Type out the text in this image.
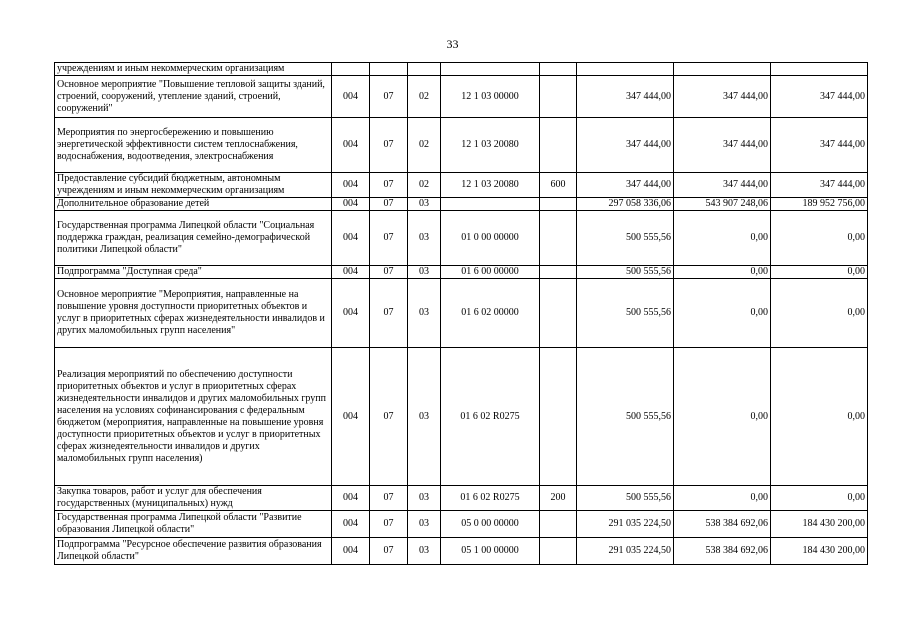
33
учреждениям и иным некоммерческим организациям								
Основное мероприятие "Повышение тепловой защиты зданий, строений, сооружений, утепление зданий, строений, сооружений"	004	07	02	12 1 03 00000		347 444,00	347 444,00	347 444,00
Мероприятия по энергосбережению и повышению энергетической эффективности систем теплоснабжения, водоснабжения, водоотведения, электроснабжения	004	07	02	12 1 03 20080		347 444,00	347 444,00	347 444,00
Предоставление субсидий бюджетным, автономным учреждениям и иным некоммерческим организациям	004	07	02	12 1 03 20080	600	347 444,00	347 444,00	347 444,00
Дополнительное образование детей	004	07	03			297 058 336,06	543 907 248,06	189 952 756,00
Государственная программа Липецкой области "Социальная поддержка граждан, реализация семейно-демографической политики Липецкой области"	004	07	03	01 0 00 00000		500 555,56	0,00	0,00
Подпрограмма "Доступная среда"	004	07	03	01 6 00 00000		500 555,56	0,00	0,00
Основное мероприятие "Мероприятия, направленные на повышение уровня доступности приоритетных объектов и услуг в приоритетных сферах жизнедеятельности инвалидов и других маломобильных групп населения"	004	07	03	01 6 02 00000		500 555,56	0,00	0,00
Реализация мероприятий по обеспечению доступности приоритетных объектов и услуг в приоритетных сферах жизнедеятельности инвалидов и других маломобильных групп населения на условиях софинансирования с федеральным бюджетом (мероприятия, направленные на повышение уровня доступности приоритетных объектов и услуг в приоритетных сферах жизнедеятельности инвалидов и других маломобильных групп населения)	004	07	03	01 6 02 R0275		500 555,56	0,00	0,00
Закупка товаров, работ и услуг для обеспечения государственных (муниципальных) нужд	004	07	03	01 6 02 R0275	200	500 555,56	0,00	0,00
Государственная программа Липецкой области "Развитие образования Липецкой области"	004	07	03	05 0 00 00000		291 035 224,50	538 384 692,06	184 430 200,00
Подпрограмма "Ресурсное обеспечение развития образования Липецкой области"	004	07	03	05 1 00 00000		291 035 224,50	538 384 692,06	184 430 200,00
